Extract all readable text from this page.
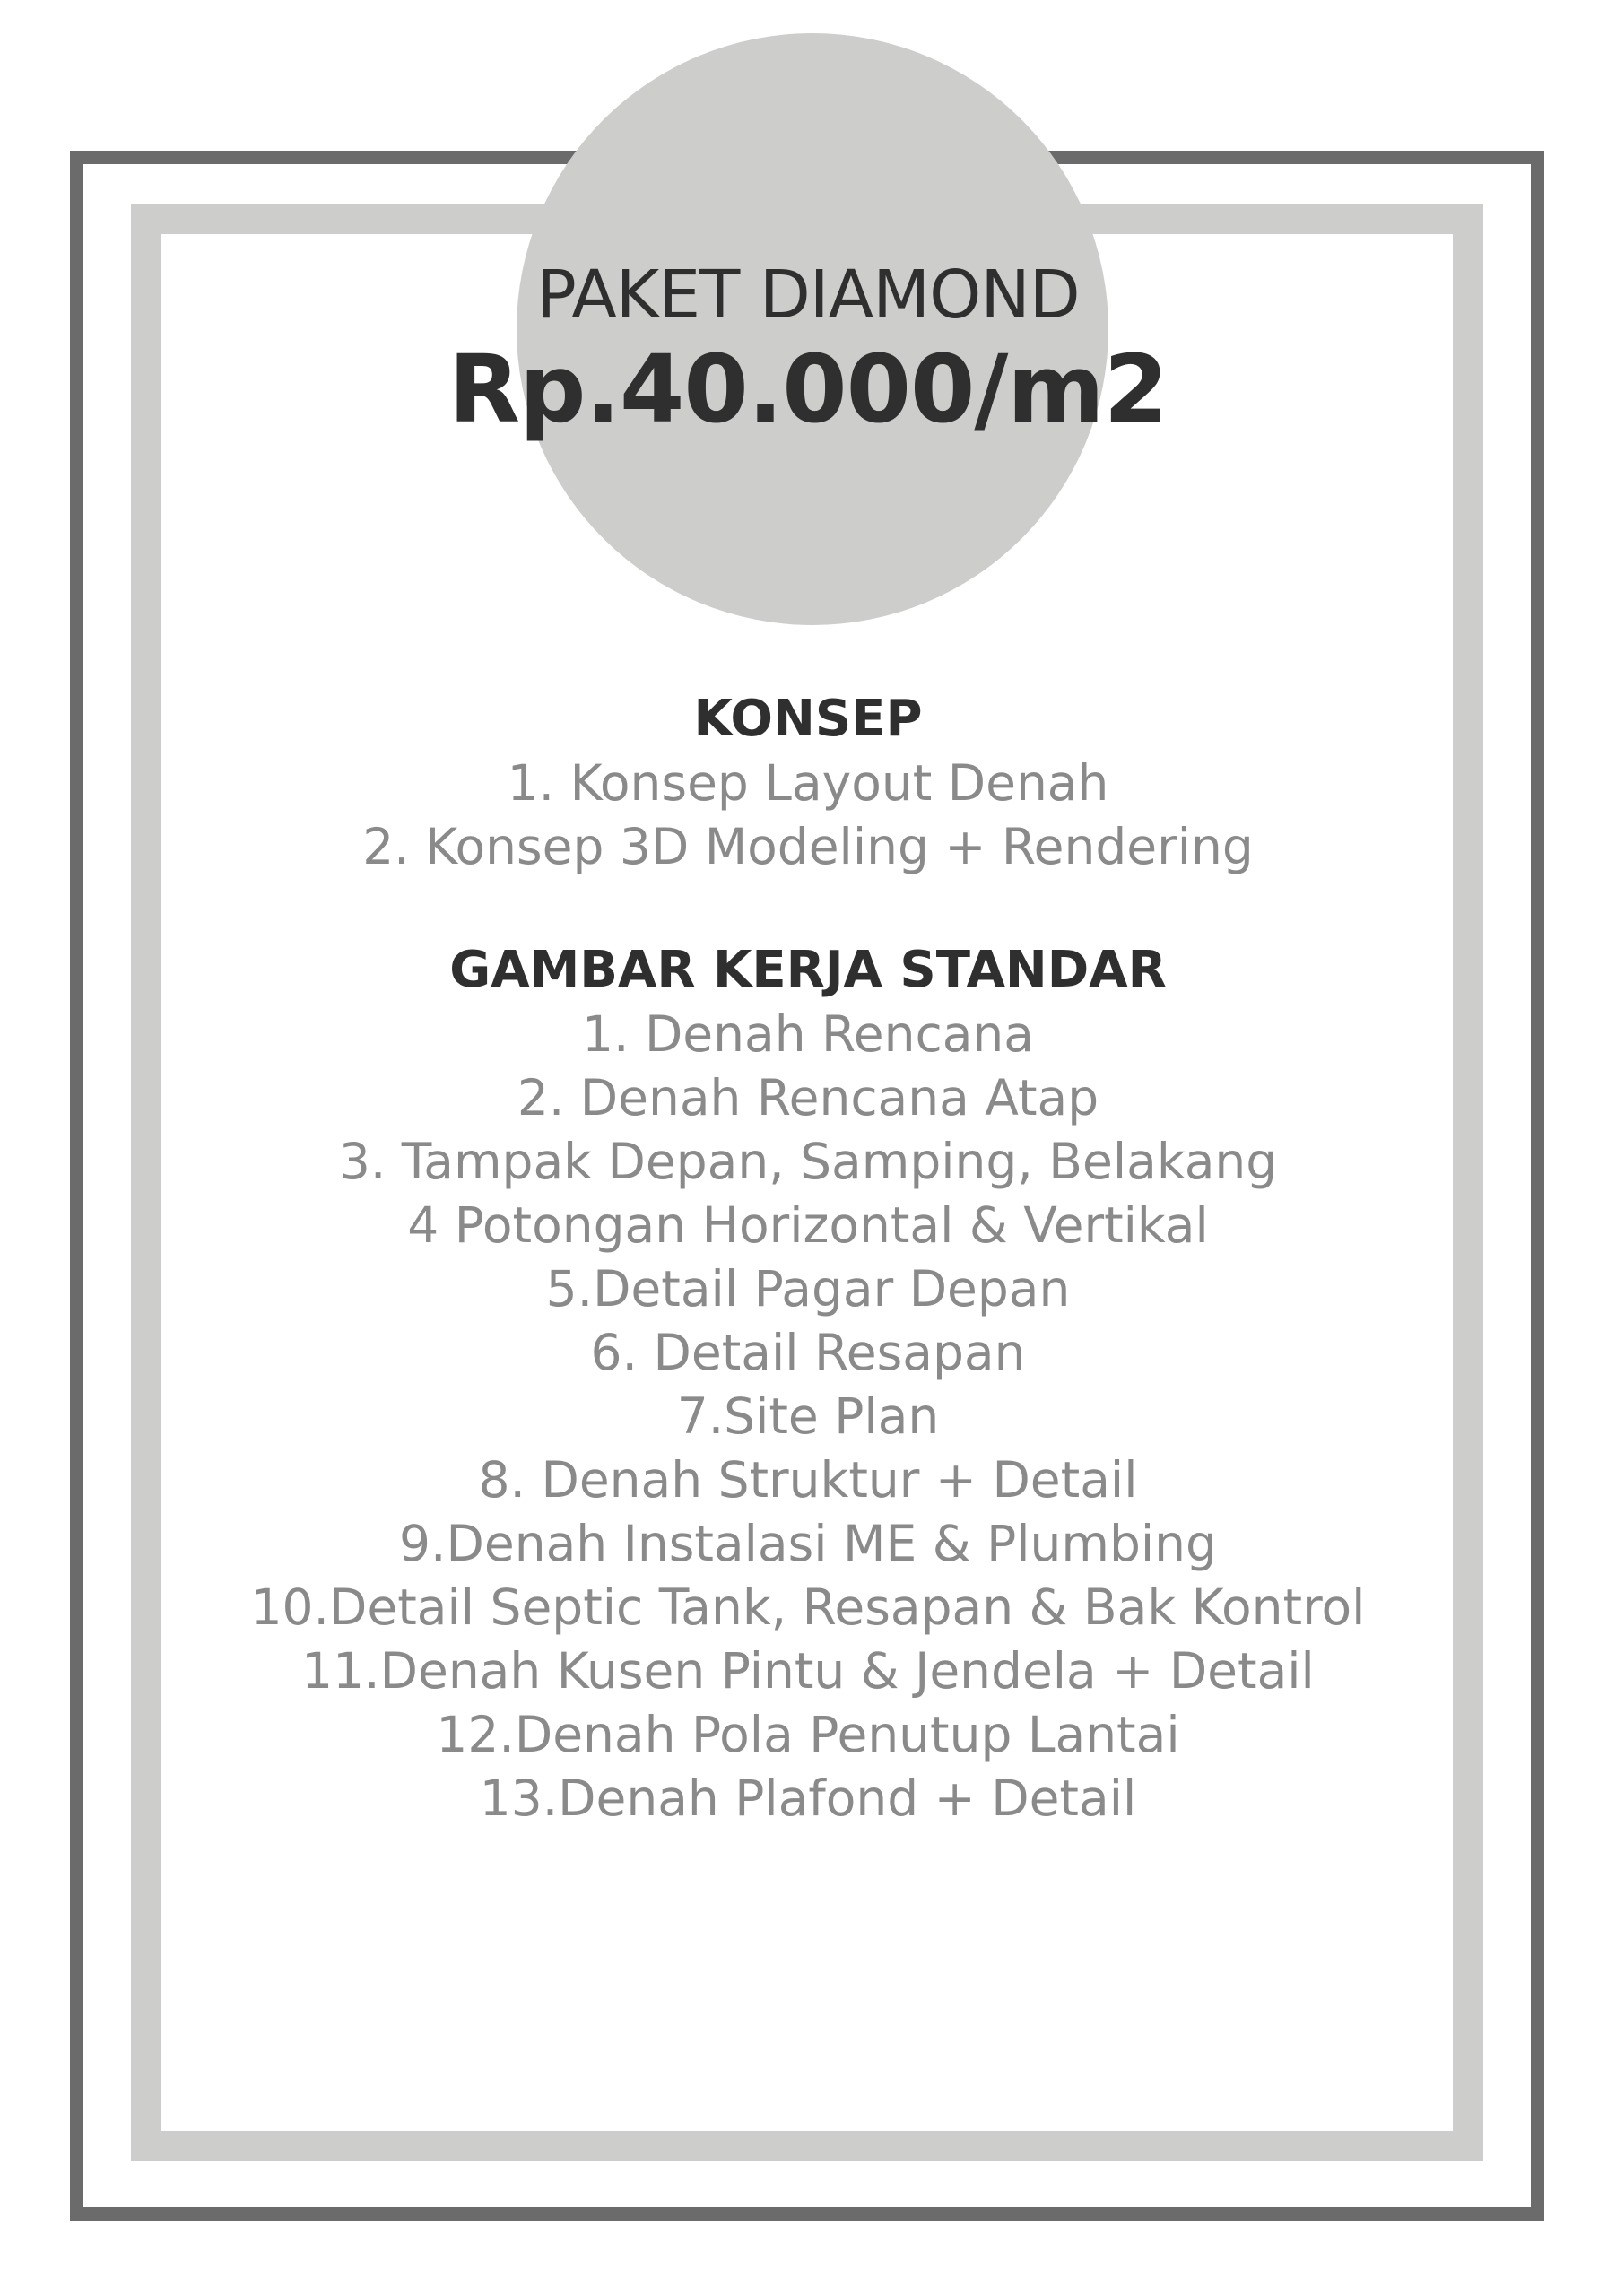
PAKET DIAMOND
Rp.40.000/m2
KONSEP
1. Konsep Layout Denah
2. Konsep 3D Modeling + Rendering
GAMBAR KERJA STANDAR
1. Denah Rencana
2. Denah Rencana Atap
3. Tampak Depan, Samping, Belakang
4 Potongan Horizontal & Vertikal
5.Detail Pagar Depan
6. Detail Resapan
7.Site Plan
8. Denah Struktur + Detail
9.Denah Instalasi ME & Plumbing
10.Detail Septic Tank, Resapan & Bak Kontrol
11.Denah Kusen Pintu & Jendela + Detail
12.Denah Pola Penutup Lantai
13.Denah Plafond + Detail
